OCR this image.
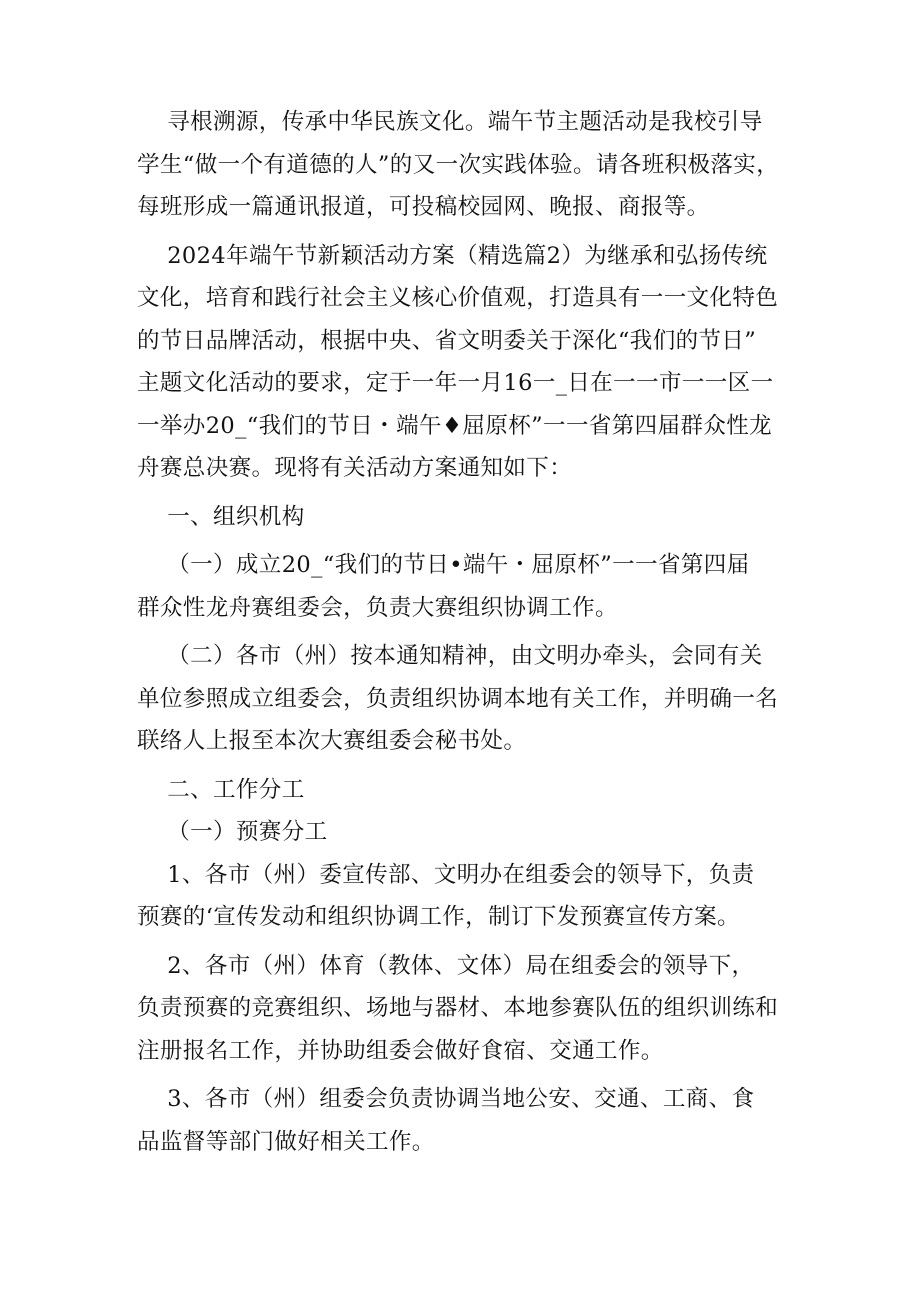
寻根溯源，传承中华民族文化。端午节主题活动是我校引导

学生“做一个有道德的人”的又一次实践体验。请各班积极落实，

每班形成一篇通讯报道，可投稿校园网、晚报、商报等。

2024年端午节新颖活动方案（精选篇2）为继承和弘扬传统

文化，培育和践行社会主义核心价值观，打造具有一一文化特色

的节日品牌活动，根据中央、省文明委关于深化“我们的节日”

主题文化活动的要求，定于一年一月16一_日在一一市一一区一

一举办20_“我们的节日・端午♦屈原杯”一一省第四届群众性龙

舟赛总决赛。现将有关活动方案通知如下：

一、组织机构

（一）成立20_“我们的节日•端午・屈原杯”一一省第四届

群众性龙舟赛组委会，负责大赛组织协调工作。

（二）各市（州）按本通知精神，由文明办牵头，会同有关

单位参照成立组委会，负责组织协调本地有关工作，并明确一名

联络人上报至本次大赛组委会秘书处。

二、工作分工

（一）预赛分工

1、各市（州）委宣传部、文明办在组委会的领导下，负责

预赛的‘宣传发动和组织协调工作，制订下发预赛宣传方案。

2、各市（州）体育（教体、文体）局在组委会的领导下，

负责预赛的竞赛组织、场地与器材、本地参赛队伍的组织训练和

注册报名工作，并协助组委会做好食宿、交通工作。

3、各市（州）组委会负责协调当地公安、交通、工商、食

品监督等部门做好相关工作。
